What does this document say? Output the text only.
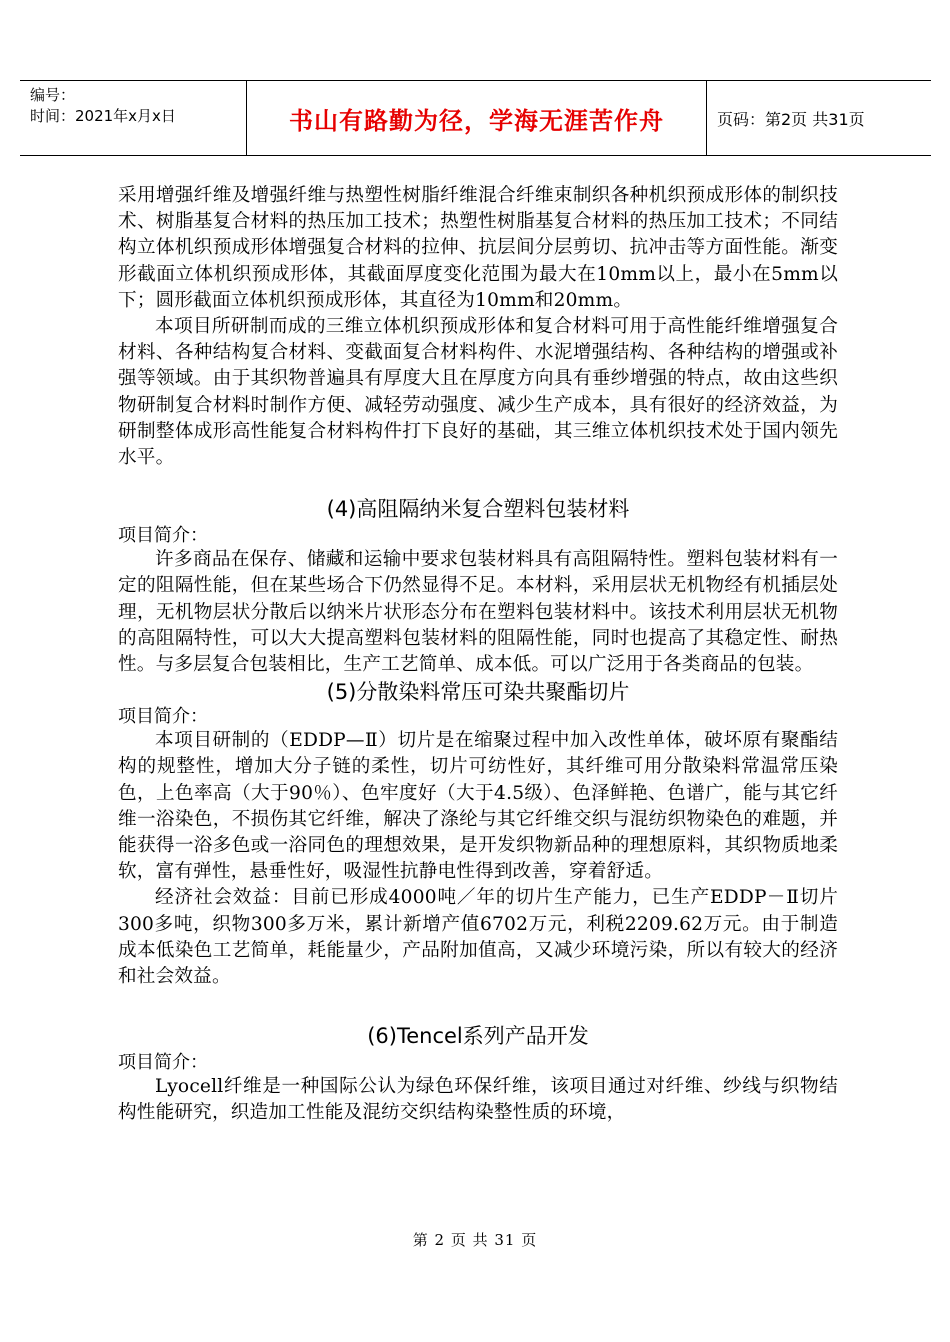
编号：
时间：2021年x月x日	书山有路勤为径，学海无涯苦作舟	页码：第2页 共31页

采用增强纤维及增强纤维与热塑性树脂纤维混合纤维束制织各种机织预成形体的制织技术、树脂基复合材料的热压加工技术；热塑性树脂基复合材料的热压加工技术；不同结构立体机织预成形体增强复合材料的拉伸、抗层间分层剪切、抗冲击等方面性能。渐变形截面立体机织预成形体，其截面厚度变化范围为最大在10mm以上，最小在5mm以下；圆形截面立体机织预成形体，其直径为10mm和20mm。

本项目所研制而成的三维立体机织预成形体和复合材料可用于高性能纤维增强复合材料、各种结构复合材料、变截面复合材料构件、水泥增强结构、各种结构的增强或补强等领域。由于其织物普遍具有厚度大且在厚度方向具有垂纱增强的特点，故由这些织物研制复合材料时制作方便、减轻劳动强度、减少生产成本，具有很好的经济效益，为研制整体成形高性能复合材料构件打下良好的基础，其三维立体机织技术处于国内领先水平。

(4)高阻隔纳米复合塑料包装材料

项目简介：

许多商品在保存、储藏和运输中要求包装材料具有高阻隔特性。塑料包装材料有一定的阻隔性能，但在某些场合下仍然显得不足。本材料，采用层状无机物经有机插层处理，无机物层状分散后以纳米片状形态分布在塑料包装材料中。该技术利用层状无机物的高阻隔特性，可以大大提高塑料包装材料的阻隔性能，同时也提高了其稳定性、耐热性。与多层复合包装相比，生产工艺简单、成本低。可以广泛用于各类商品的包装。

(5)分散染料常压可染共聚酯切片

项目简介：

本项目研制的（EDDP—Ⅱ）切片是在缩聚过程中加入改性单体，破坏原有聚酯结构的规整性，增加大分子链的柔性，切片可纺性好，其纤维可用分散染料常温常压染色，上色率高（大于90％）、色牢度好（大于4.5级）、色泽鲜艳、色谱广，能与其它纤维一浴染色，不损伤其它纤维，解决了涤纶与其它纤维交织与混纺织物染色的难题，并能获得一浴多色或一浴同色的理想效果，是开发织物新品种的理想原料，其织物质地柔软，富有弹性，悬垂性好，吸湿性抗静电性得到改善，穿着舒适。

经济社会效益：目前已形成4000吨／年的切片生产能力，已生产EDDP－Ⅱ切片300多吨，织物300多万米，累计新增产值6702万元，利税2209.62万元。由于制造成本低染色工艺简单，耗能量少，产品附加值高，又减少环境污染，所以有较大的经济和社会效益。

(6)Tencel系列产品开发

项目简介：

Lyocell纤维是一种国际公认为绿色环保纤维，该项目通过对纤维、纱线与织物结构性能研究，织造加工性能及混纺交织结构染整性质的环境，

第 2 页 共 31 页
